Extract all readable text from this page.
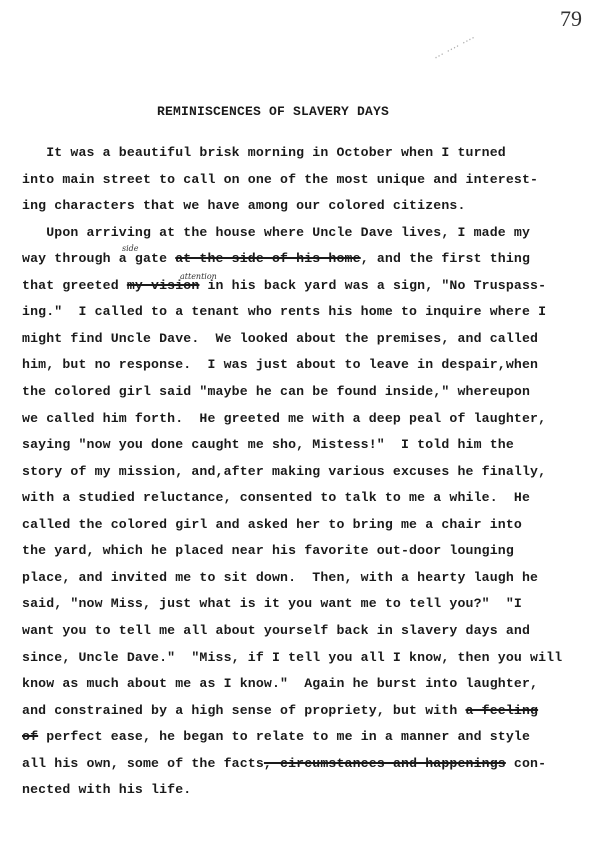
79
... .... ....
REMINISCENCES OF SLAVERY DAYS
side
attention
It was a beautiful brisk morning in October when I turned
into main street to call on one of the most unique and interest-
ing characters that we have among our colored citizens.
Upon arriving at the house where Uncle Dave lives, I made my
way through a gate at the side of his home, and the first thing
that greeted my vision in his back yard was a sign, "No Truspass-
ing."  I called to a tenant who rents his home to inquire where I
might find Uncle Dave.  We looked about the premises, and called
him, but no response.  I was just about to leave in despair,when
the colored girl said "maybe he can be found inside," whereupon
we called him forth.  He greeted me with a deep peal of laughter,
saying "now you done caught me sho, Mistess!"  I told him the
story of my mission, and,after making various excuses he finally,
with a studied reluctance, consented to talk to me a while.  He
called the colored girl and asked her to bring me a chair into
the yard, which he placed near his favorite out-door lounging
place, and invited me to sit down.  Then, with a hearty laugh he
said, "now Miss, just what is it you want me to tell you?"  "I
want you to tell me all about yourself back in slavery days and
since, Uncle Dave."  "Miss, if I tell you all I know, then you will
know as much about me as I know."  Again he burst into laughter,
and constrained by a high sense of propriety, but with a feeling
of perfect ease, he began to relate to me in a manner and style
all his own, some of the facts, circumstances and happenings con-
nected with his life.
